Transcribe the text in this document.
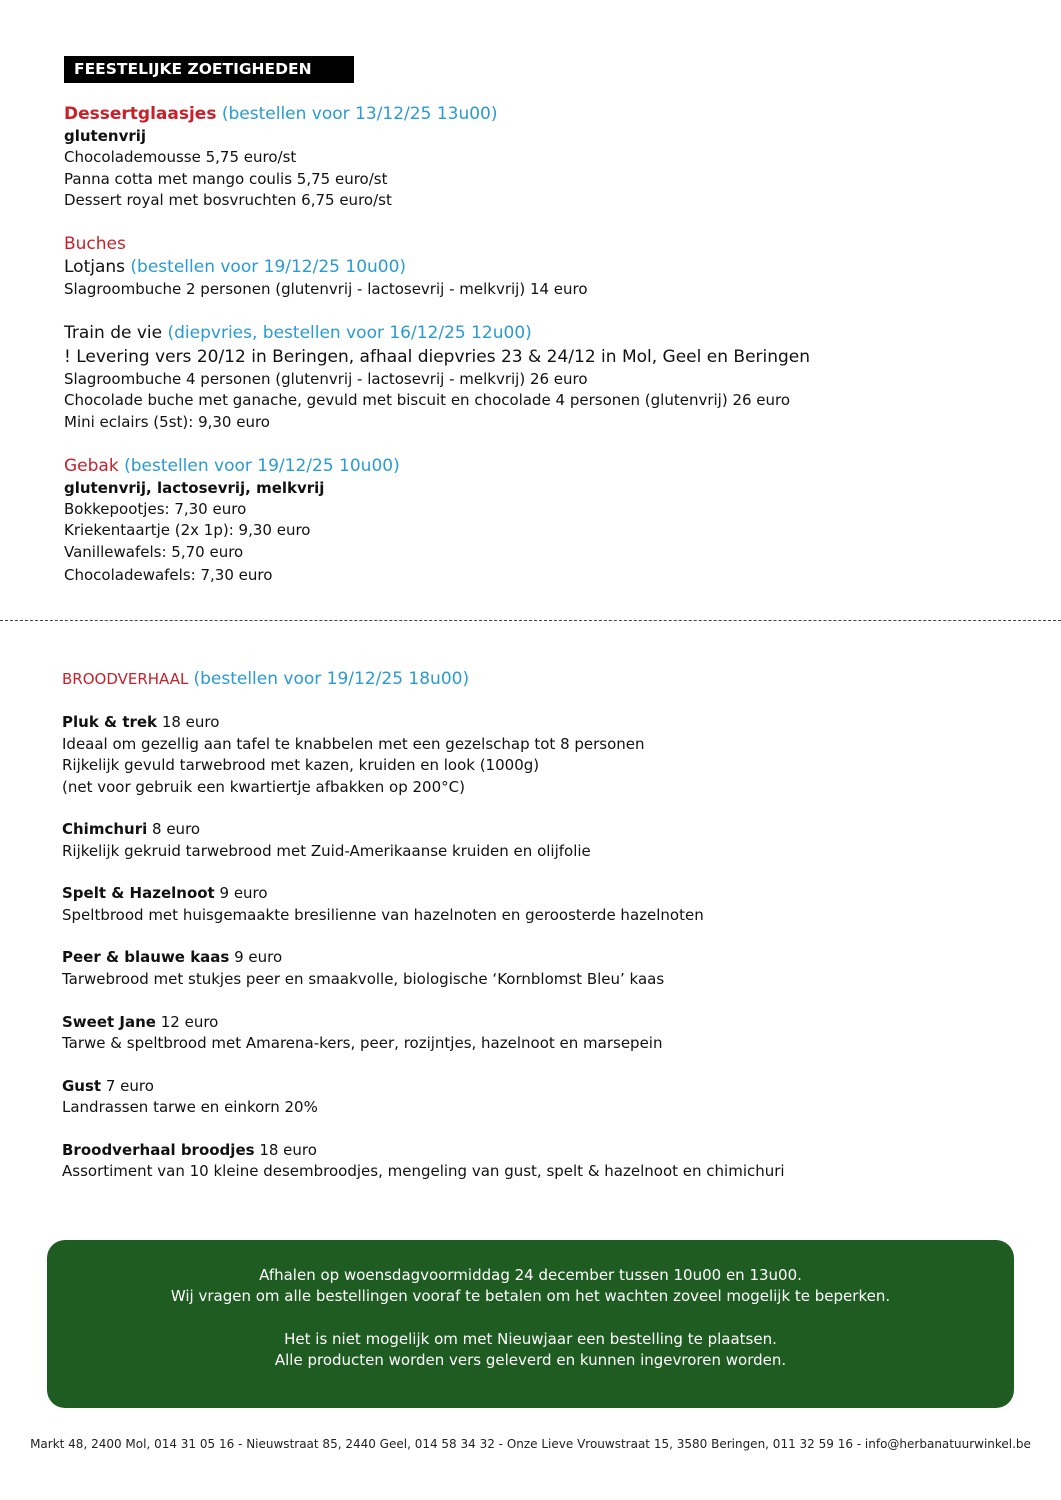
FEESTELIJKE ZOETIGHEDEN
Dessertglaasjes (bestellen voor 13/12/25 13u00)
glutenvrij
Chocolademousse 5,75 euro/st
Panna cotta met mango coulis 5,75 euro/st
Dessert royal met bosvruchten 6,75 euro/st
Buches
Lotjans (bestellen voor 19/12/25 10u00)
Slagroombuche 2 personen (glutenvrij - lactosevrij - melkvrij) 14 euro
Train de vie (diepvries, bestellen voor 16/12/25 12u00)
! Levering vers 20/12 in Beringen, afhaal diepvries 23 & 24/12 in Mol, Geel en Beringen
Slagroombuche 4 personen (glutenvrij - lactosevrij - melkvrij) 26 euro
Chocolade buche met ganache, gevuld met biscuit en chocolade 4 personen (glutenvrij) 26 euro
Mini eclairs (5st): 9,30 euro
Gebak (bestellen voor 19/12/25 10u00)
glutenvrij, lactosevrij, melkvrij
Bokkepootjes: 7,30 euro
Kriekentaartje (2x 1p): 9,30 euro
Vanillewafels: 5,70 euro
Chocoladewafels: 7,30 euro
BROODVERHAAL (bestellen voor 19/12/25 18u00)
Pluk & trek 18 euro
Ideaal om gezellig aan tafel te knabbelen met een gezelschap tot 8 personen
Rijkelijk gevuld tarwebrood met kazen, kruiden en look (1000g)
(net voor gebruik een kwartiertje afbakken op 200°C)
Chimchuri 8 euro
Rijkelijk gekruid tarwebrood met Zuid-Amerikaanse kruiden en olijfolie
Spelt & Hazelnoot 9 euro
Speltbrood met huisgemaakte bresilienne van hazelnoten en geroosterde hazelnoten
Peer & blauwe kaas 9 euro
Tarwebrood met stukjes peer en smaakvolle, biologische ‘Kornblomst Bleu’ kaas
Sweet Jane 12 euro
Tarwe & speltbrood met Amarena-kers, peer, rozijntjes, hazelnoot en marsepein
Gust 7 euro
Landrassen tarwe en einkorn 20%
Broodverhaal broodjes 18 euro
Assortiment van 10 kleine desembroodjes, mengeling van gust, spelt & hazelnoot en chimichuri
Afhalen op woensdagvoormiddag 24 december tussen 10u00 en 13u00.
Wij vragen om alle bestellingen vooraf te betalen om het wachten zoveel mogelijk te beperken.
Het is niet mogelijk om met Nieuwjaar een bestelling te plaatsen.
Alle producten worden vers geleverd en kunnen ingevroren worden.
Markt 48, 2400 Mol, 014 31 05 16 - Nieuwstraat 85, 2440 Geel, 014 58 34 32 - Onze Lieve Vrouwstraat 15, 3580 Beringen, 011 32 59 16 - info@herbanatuurwinkel.be
